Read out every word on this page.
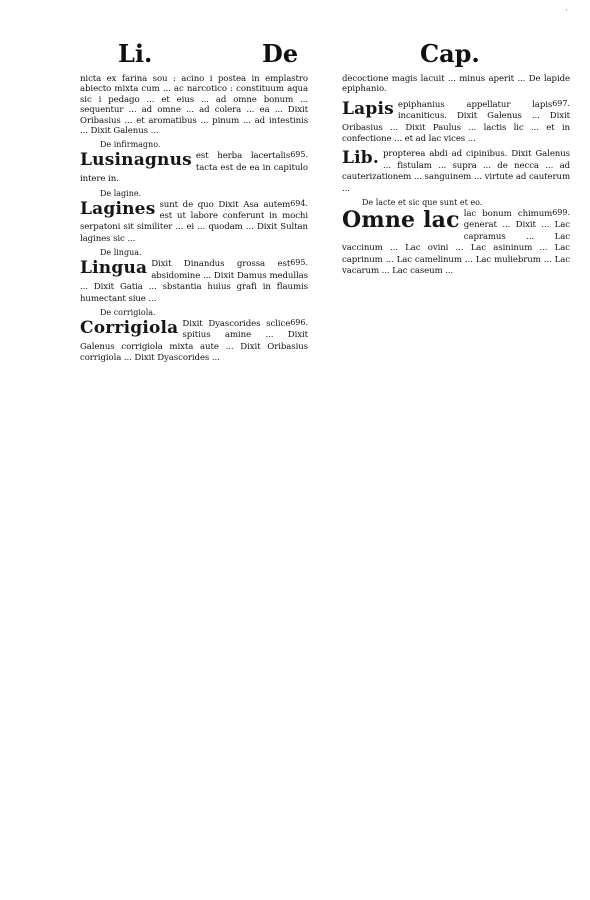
·
Li.	De	Cap.

nicta ex farina sou : acino i postea in emplastro abiecto mixta cum ... ac narcotico : constituum aqua sic i pedago ... et eius ... ad omne bonum ... sequentur ... ad omne ... ad colera ... ea ... Dixit Oribasius ... et aromatibus ... pinum ... ad intestinis ... Dixit Galenus ...

De infirmagno.
695.
Lusinagnus est herba lacertalis tacta est de ea in capitulo intere in.
De lagine.
694.
Lagines sunt de quo Dixit Asa autem est ut labore conferunt in mochi serpatoni sit similiter ... ei ... quodam ... Dixit Sultan lagines sic ...
De lingua.
695.
Lingua Dixit Dinandus grossa est absidomine ... Dixit Damus medullas ... Dixit Gatia ... sbstantia huius grafi in flaumis humectant siue ...
De corrigiola.
696.
Corrigiola Dixit Dyascorides sclice spitius amine ... Dixit Galenus corrigiola mixta aute ... Dixit Oribasius corrigiola ... Dixit Dyascorides ...

decoctione magis lacuit ... minus aperit ... De lapide epiphanio.

697.
Lapis epiphanius appellatur lapis incaniticus. Dixit Galenus ... Dixit Oribasius ... Dixit Paulus ... lactis lic ... et in confectione ... et ad lac vices ...
Lib. propterea abdi ad cipinibus. Dixit Galenus ... fistulam ... supra ... de necca ... ad cauterizationem ... sanguinem ... virtute ad cauterum ...
De lacte et sic que sunt et eo.
699.
Omne lac lac bonum chimum generat ... Dixit ... Lac capramus ... Lac vaccinum ... Lac ovini ... Lac asininum ... Lac caprinum ... Lac camelinum ... Lac muliebrum ... Lac vacarum ... Lac caseum ...
